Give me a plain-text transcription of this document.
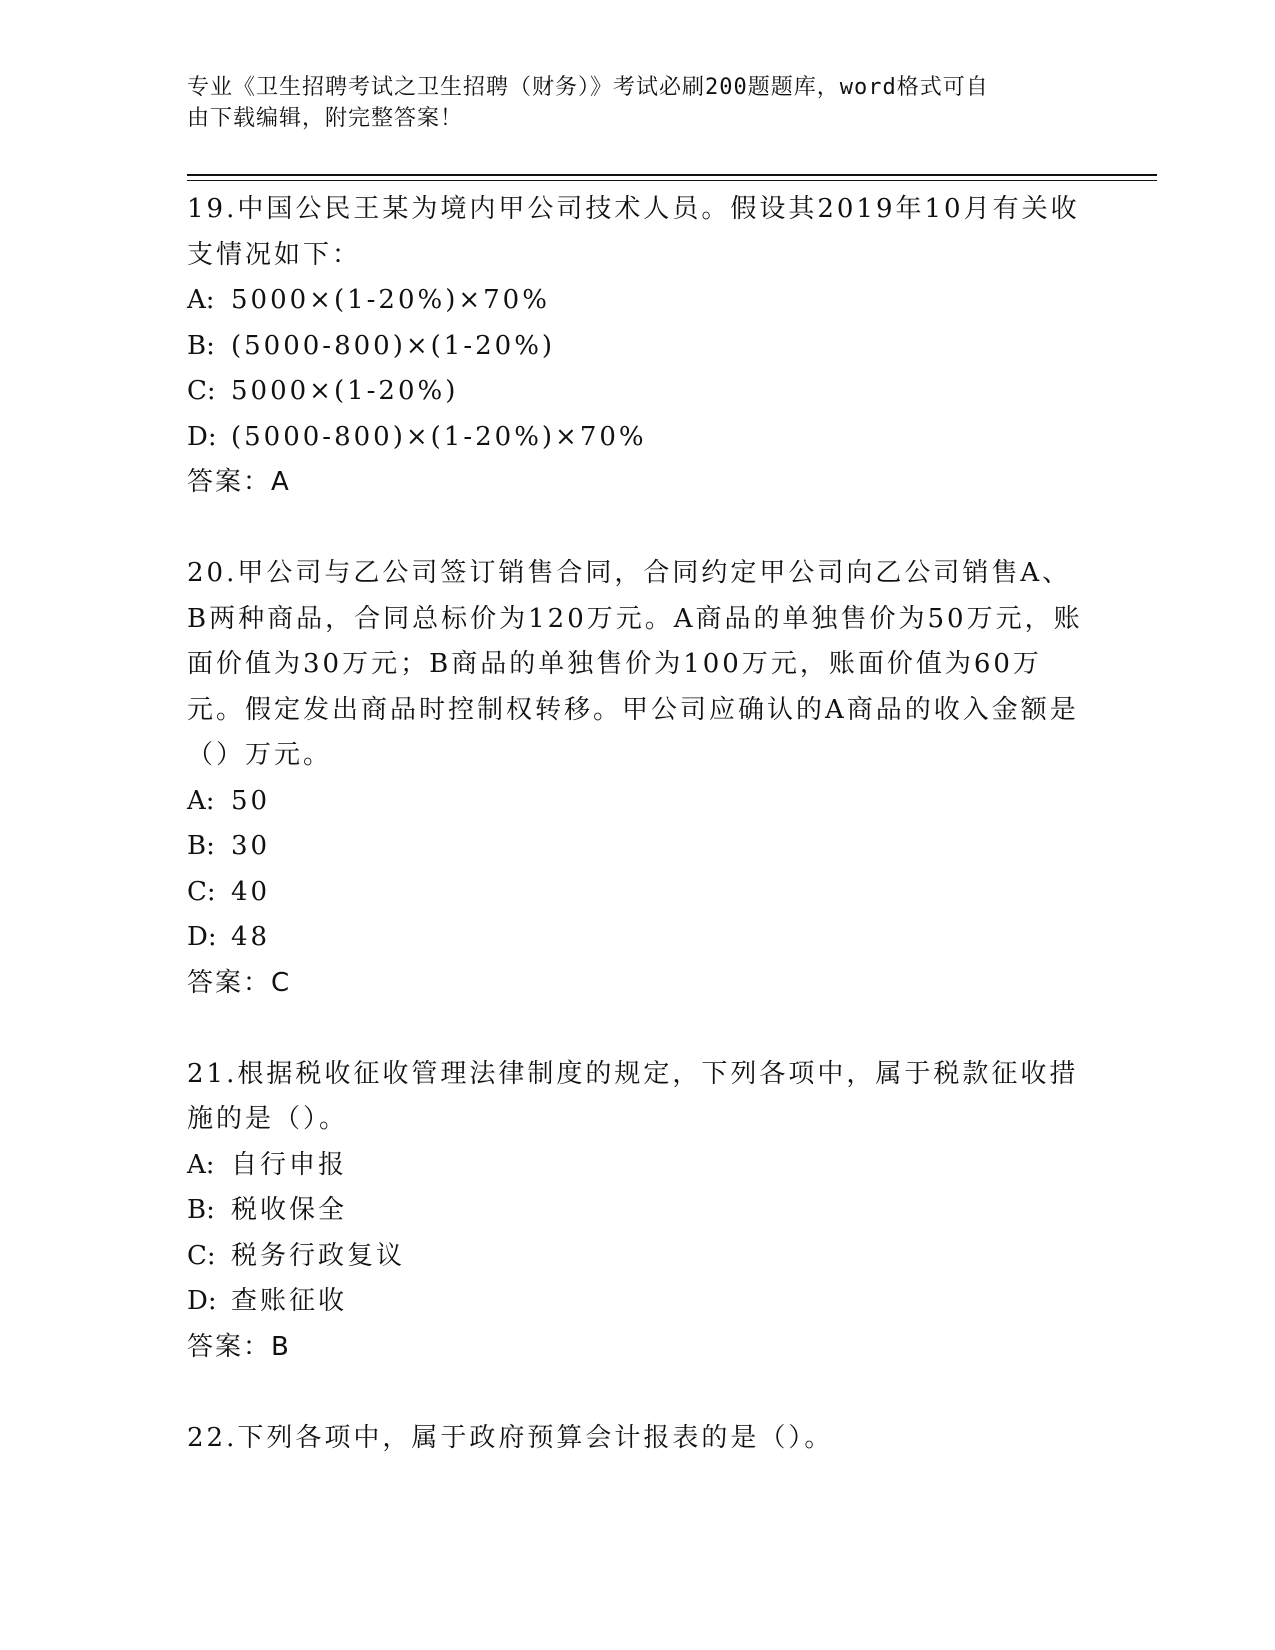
专业《卫生招聘考试之卫生招聘（财务）》考试必刷200题题库，word格式可自
由下载编辑，附完整答案！
19.中国公民王某为境内甲公司技术人员。假设其2019年10月有关收支情况如下：
A: 5000×(1-20%)×70%
B: (5000-800)×(1-20%)
C: 5000×(1-20%)
D: (5000-800)×(1-20%)×70%
答案：A
20.甲公司与乙公司签订销售合同，合同约定甲公司向乙公司销售A、B两种商品，合同总标价为120万元。A商品的单独售价为50万元，账面价值为30万元；B商品的单独售价为100万元，账面价值为60万元。假定发出商品时控制权转移。甲公司应确认的A商品的收入金额是（）万元。
A: 50
B: 30
C: 40
D: 48
答案：C
21.根据税收征收管理法律制度的规定，下列各项中，属于税款征收措施的是（）。
A: 自行申报
B: 税收保全
C: 税务行政复议
D: 查账征收
答案：B
22.下列各项中，属于政府预算会计报表的是（）。
